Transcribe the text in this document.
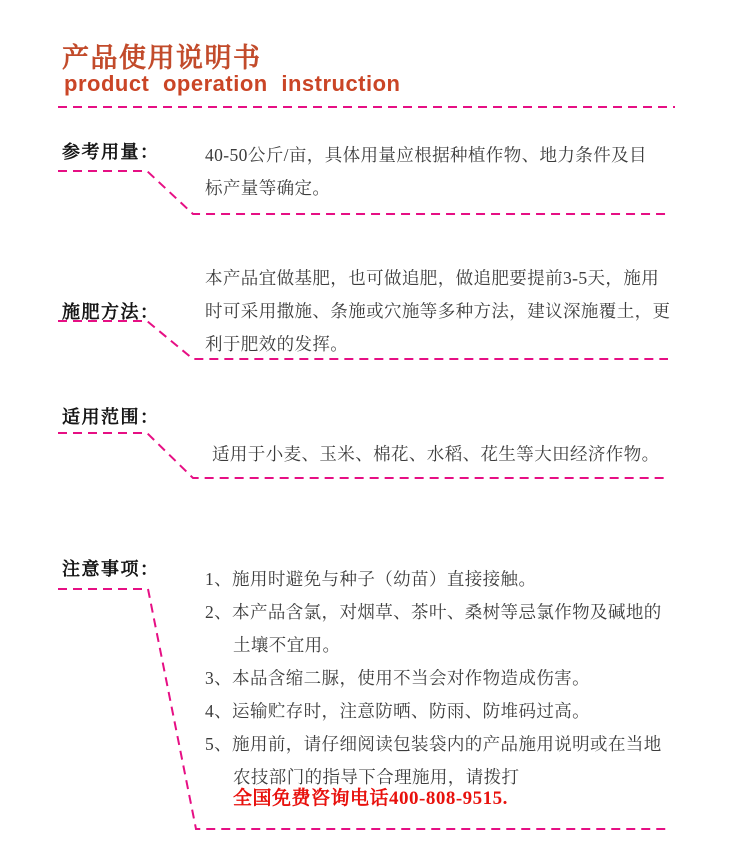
产品使用说明书
product operation instruction
参考用量：	40-50公斤/亩，具体用量应根据种植作物、地力条件及目
标产量等确定。
施肥方法：
本产品宜做基肥，也可做追肥，做追肥要提前3-5天，施用
时可采用撒施、条施或穴施等多种方法，建议深施覆土，更
利于肥效的发挥。
适用范围：
适用于小麦、玉米、棉花、水稻、花生等大田经济作物。
注意事项：	1、施用时避免与种子（幼苗）直接接触。
2、本产品含氯，对烟草、茶叶、桑树等忌氯作物及碱地的
土壤不宜用。
3、本品含缩二脲，使用不当会对作物造成伤害。
4、运输贮存时，注意防晒、防雨、防堆码过高。
5、施用前，请仔细阅读包装袋内的产品施用说明或在当地
农技部门的指导下合理施用，请拨打
全国免费咨询电话400-808-9515.
